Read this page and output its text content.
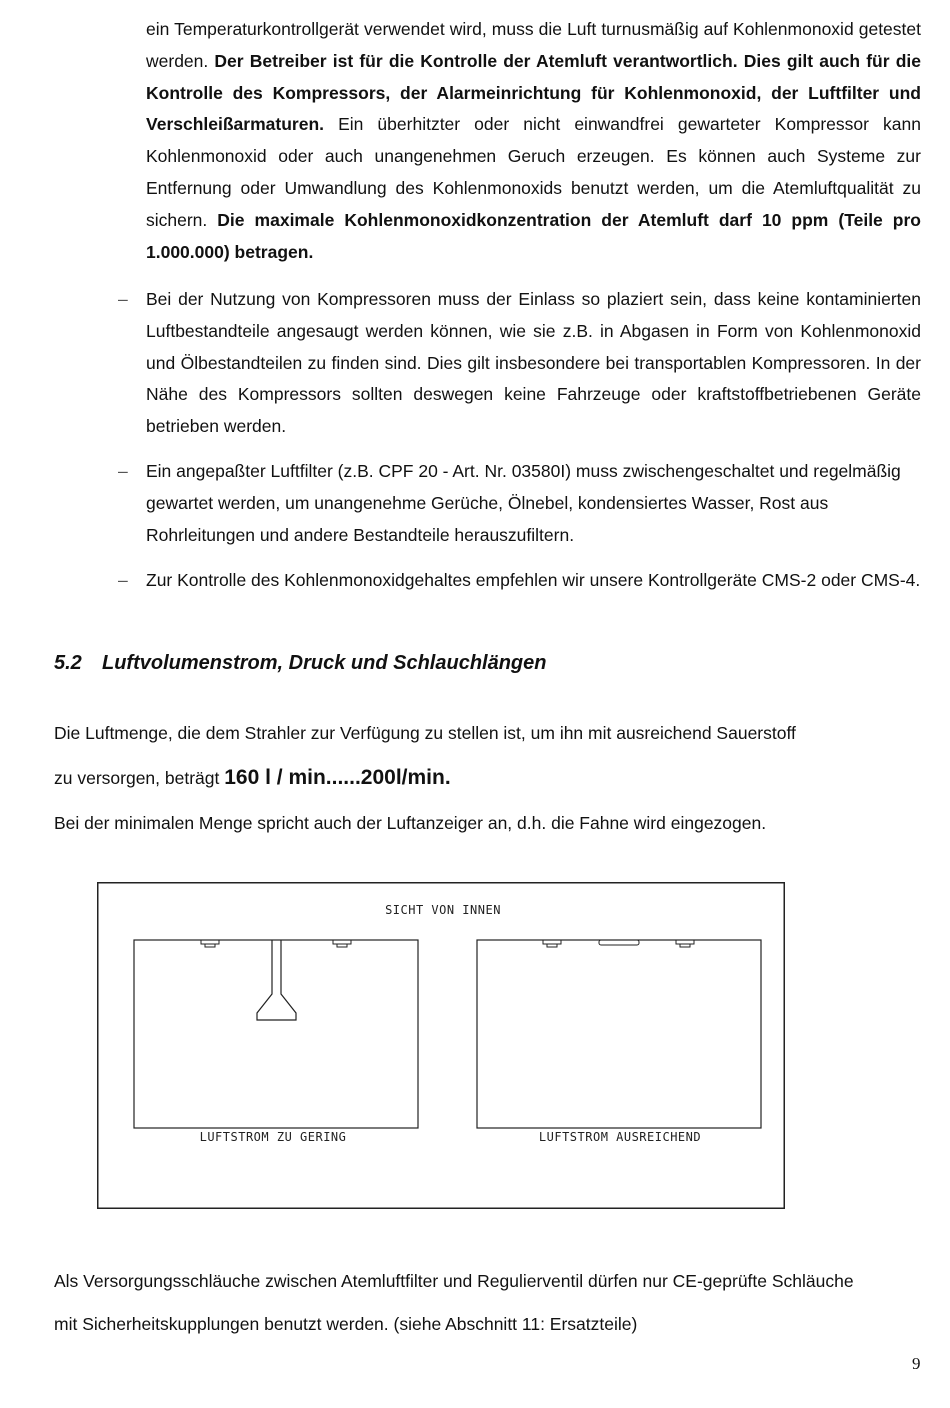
ein Temperaturkontrollgerät verwendet wird, muss die Luft turnusmäßig auf Kohlenmonoxid getestet werden. Der Betreiber ist für die Kontrolle der Atemluft verantwortlich. Dies gilt auch für die Kontrolle des Kompressors, der Alarmeinrichtung für Kohlenmonoxid, der Luftfilter und Verschleißarmaturen. Ein überhitzter oder nicht einwandfrei gewarteter Kompressor kann Kohlenmonoxid oder auch unangenehmen Geruch erzeugen. Es können auch Systeme zur Entfernung oder Umwandlung des Kohlenmonoxids benutzt werden, um die Atemluftqualität zu sichern. Die maximale Kohlenmonoxidkonzentration der Atemluft darf 10 ppm (Teile pro 1.000.000) betragen.

– Bei der Nutzung von Kompressoren muss der Einlass so plaziert sein, dass keine kontaminierten Luftbestandteile angesaugt werden können, wie sie z.B. in Abgasen in Form von Kohlenmonoxid und Ölbestandteilen zu finden sind. Dies gilt insbesondere bei transportablen Kompressoren. In der Nähe des Kompressors sollten deswegen keine Fahrzeuge oder kraftstoffbetriebenen Geräte betrieben werden.
– Ein angepaßter Luftfilter (z.B. CPF 20 - Art. Nr. 03580I) muss zwischengeschaltet und regelmäßig gewartet werden, um unangenehme Gerüche, Ölnebel, kondensiertes Wasser, Rost aus Rohrleitungen und andere Bestandteile herauszufiltern.
– Zur Kontrolle des Kohlenmonoxidgehaltes empfehlen wir unsere Kontrollgeräte CMS-2 oder CMS-4.
5.2 Luftvolumenstrom, Druck und Schlauchlängen

Die Luftmenge, die dem Strahler zur Verfügung zu stellen ist, um ihn mit ausreichend Sauerstoff

zu versorgen, beträgt 160 l / min......200l/min.

Bei der minimalen Menge spricht auch der Luftanzeiger an, d.h. die Fahne wird eingezogen.

SICHT VON INNEN
LUFTSTROM ZU GERING	LUFTSTROM AUSREICHEND

Als Versorgungsschläuche zwischen Atemluftfilter und Regulierventil dürfen nur CE-geprüfte Schläuche

mit Sicherheitskupplungen benutzt werden. (siehe Abschnitt 11: Ersatzteile)

9
